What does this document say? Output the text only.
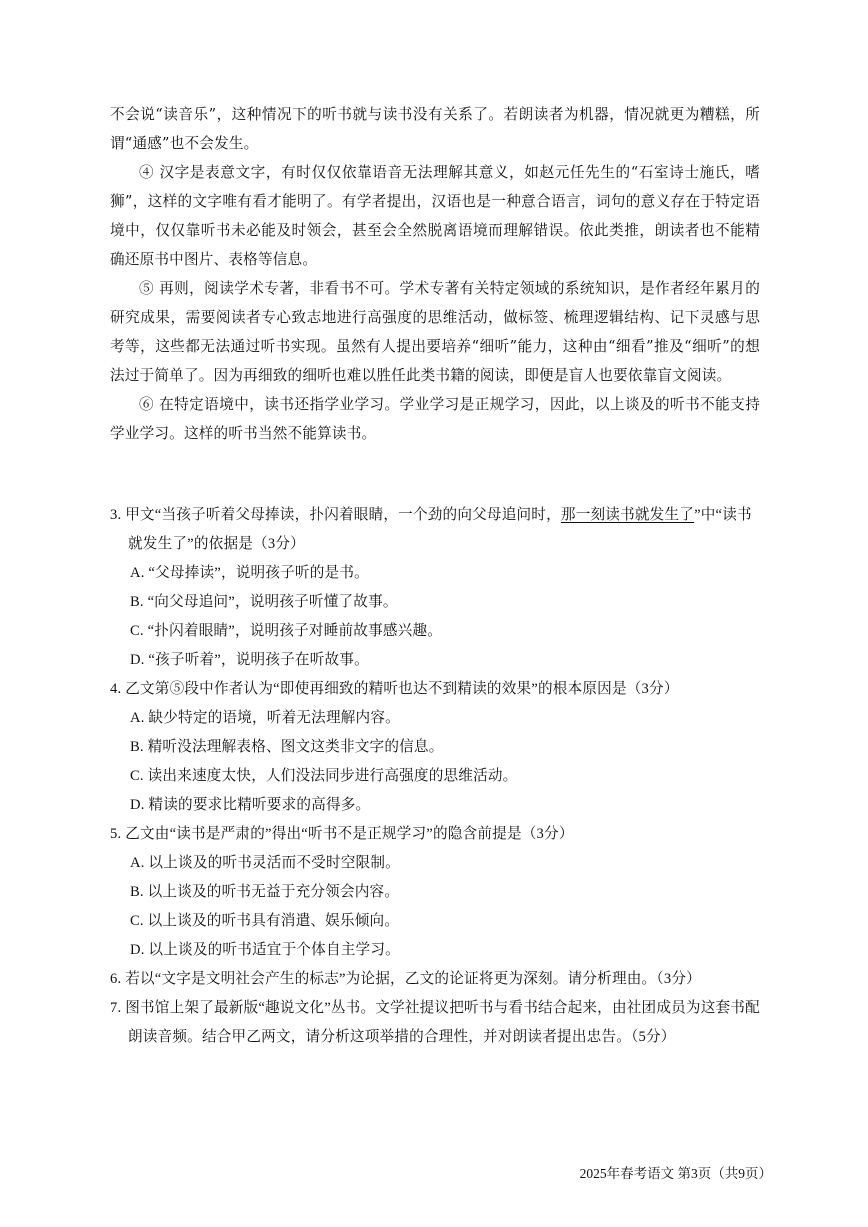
不会说“读音乐”，这种情况下的听书就与读书没有关系了。若朗读者为机器，情况就更为糟糕，所谓“通感”也不会发生。

④ 汉字是表意文字，有时仅仅依靠语音无法理解其意义，如赵元任先生的“石室诗士施氏，嗜狮”，这样的文字唯有看才能明了。有学者提出，汉语也是一种意合语言，词句的意义存在于特定语境中，仅仅靠听书未必能及时领会，甚至会全然脱离语境而理解错误。依此类推，朗读者也不能精确还原书中图片、表格等信息。

⑤ 再则，阅读学术专著，非看书不可。学术专著有关特定领域的系统知识，是作者经年累月的研究成果，需要阅读者专心致志地进行高强度的思维活动，做标签、梳理逻辑结构、记下灵感与思考等，这些都无法通过听书实现。虽然有人提出要培养“细听”能力，这种由“细看”推及“细听”的想法过于简单了。因为再细致的细听也难以胜任此类书籍的阅读，即便是盲人也要依靠盲文阅读。

⑥ 在特定语境中，读书还指学业学习。学业学习是正规学习，因此，以上谈及的听书不能支持学业学习。这样的听书当然不能算读书。

3. 甲文“当孩子听着父母捧读，扑闪着眼睛，一个劲的向父母追问时，那一刻读书就发生了”中“读书就发生了”的依据是（3分）

A. “父母捧读”，说明孩子听的是书。

B. “向父母追问”，说明孩子听懂了故事。

C. “扑闪着眼睛”，说明孩子对睡前故事感兴趣。

D. “孩子听着”，说明孩子在听故事。

4. 乙文第⑤段中作者认为“即使再细致的精听也达不到精读的效果”的根本原因是（3分）

A. 缺少特定的语境，听着无法理解内容。

B. 精听没法理解表格、图文这类非文字的信息。

C. 读出来速度太快，人们没法同步进行高强度的思维活动。

D. 精读的要求比精听要求的高得多。

5. 乙文由“读书是严肃的”得出“听书不是正规学习”的隐含前提是（3分）

A. 以上谈及的听书灵活而不受时空限制。

B. 以上谈及的听书无益于充分领会内容。

C. 以上谈及的听书具有消遣、娱乐倾向。

D. 以上谈及的听书适宜于个体自主学习。

6. 若以“文字是文明社会产生的标志”为论据，乙文的论证将更为深刻。请分析理由。（3分）

7. 图书馆上架了最新版“趣说文化”丛书。文学社提议把听书与看书结合起来，由社团成员为这套书配朗读音频。结合甲乙两文，请分析这项举措的合理性，并对朗读者提出忠告。（5分）

2025年春考语文 第3页（共9页）
